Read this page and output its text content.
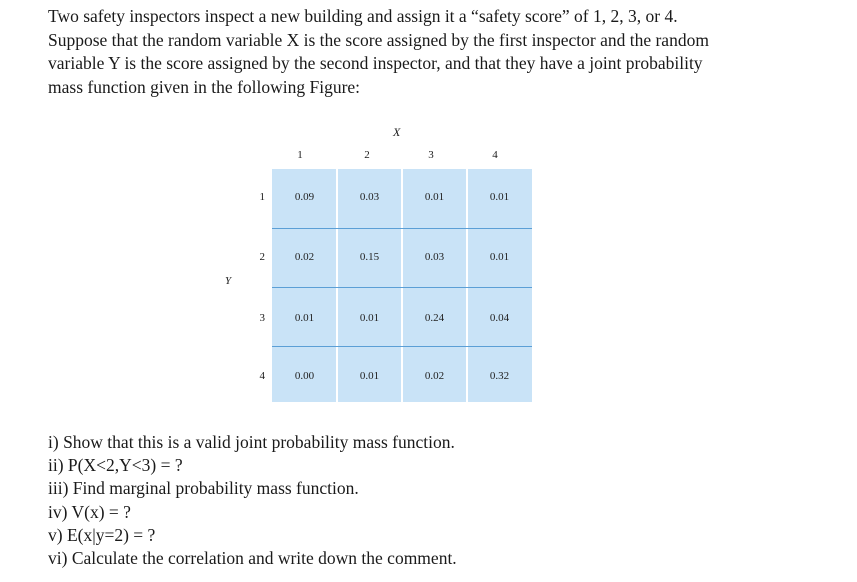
Two safety inspectors inspect a new building and assign it a “safety score” of 1, 2, 3, or 4.

Suppose that the random variable X is the score assigned by the first inspector and the random

variable Y is the score assigned by the second inspector, and that they have a joint probability

mass function given in the following Figure:

X
Y
1	2	3	4
1
2
3
4
0.09	0.03	0.01	0.01
0.02	0.15	0.03	0.01
0.01	0.01	0.24	0.04
0.00	0.01	0.02	0.32
i) Show that this is a valid joint probability mass function.
ii) P(X<2,Y<3) = ?
iii) Find marginal probability mass function.
iv) V(x) = ?
v) E(x|y=2) = ?
vi) Calculate the correlation and write down the comment.
